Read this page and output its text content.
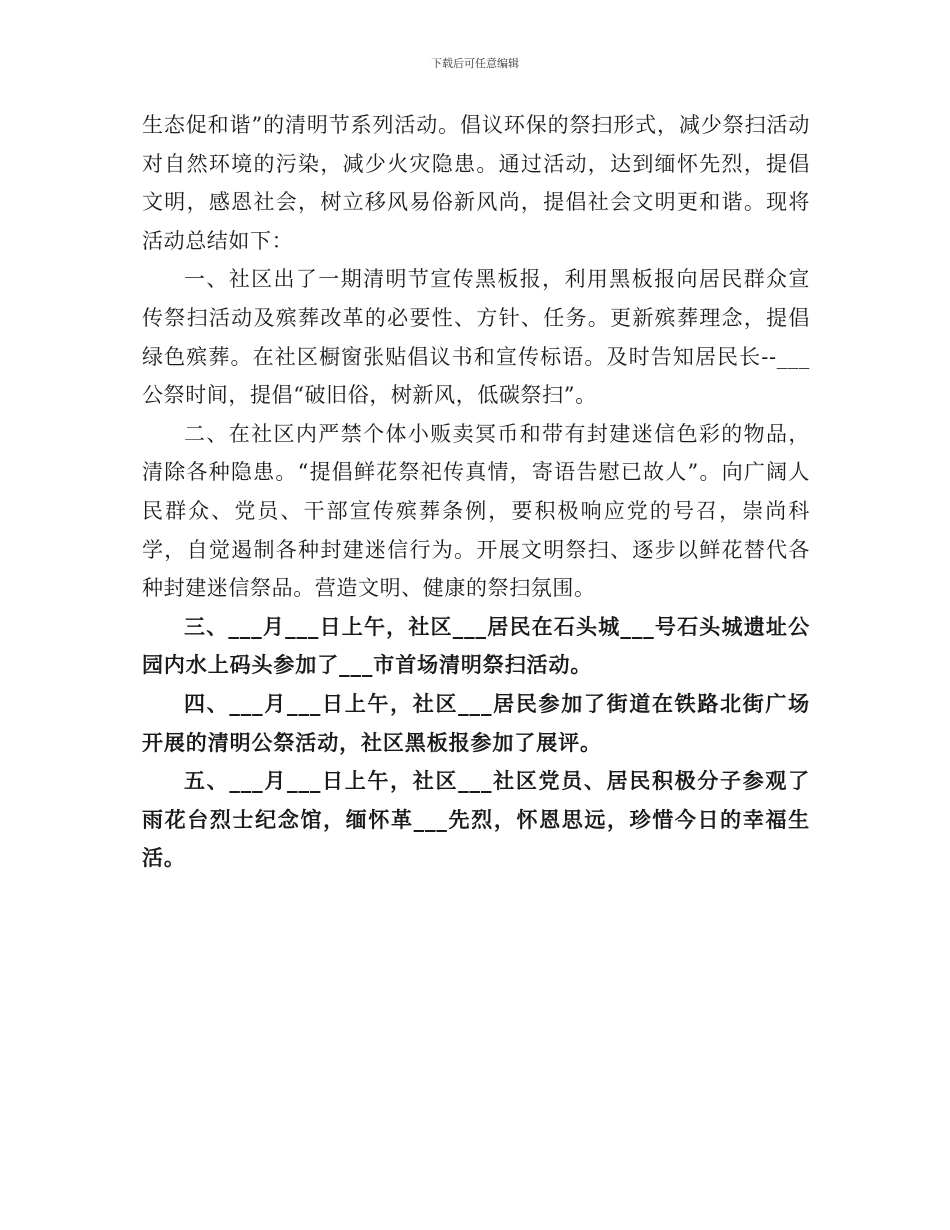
下载后可任意编辑

生态促和谐”的清明节系列活动。倡议环保的祭扫形式，减少祭扫活动对自然环境的污染，减少火灾隐患。通过活动，达到缅怀先烈，提倡文明，感恩社会，树立移风易俗新风尚，提倡社会文明更和谐。现将活动总结如下：

一、社区出了一期清明节宣传黑板报，利用黑板报向居民群众宣传祭扫活动及殡葬改革的必要性、方针、任务。更新殡葬理念，提倡绿色殡葬。在社区橱窗张贴倡议书和宣传标语。及时告知居民长--___公祭时间，提倡“破旧俗，树新风，低碳祭扫”。

二、在社区内严禁个体小贩卖冥币和带有封建迷信色彩的物品，清除各种隐患。“提倡鲜花祭祀传真情，寄语告慰已故人”。向广阔人民群众、党员、干部宣传殡葬条例，要积极响应党的号召，崇尚科学，自觉遏制各种封建迷信行为。开展文明祭扫、逐步以鲜花替代各种封建迷信祭品。营造文明、健康的祭扫氛围。

三、___月___日上午，社区___居民在石头城___号石头城遗址公园内水上码头参加了___市首场清明祭扫活动。

四、___月___日上午，社区___居民参加了街道在铁路北街广场开展的清明公祭活动，社区黑板报参加了展评。

五、___月___日上午，社区___社区党员、居民积极分子参观了雨花台烈士纪念馆，缅怀革___先烈，怀恩思远，珍惜今日的幸福生活。
